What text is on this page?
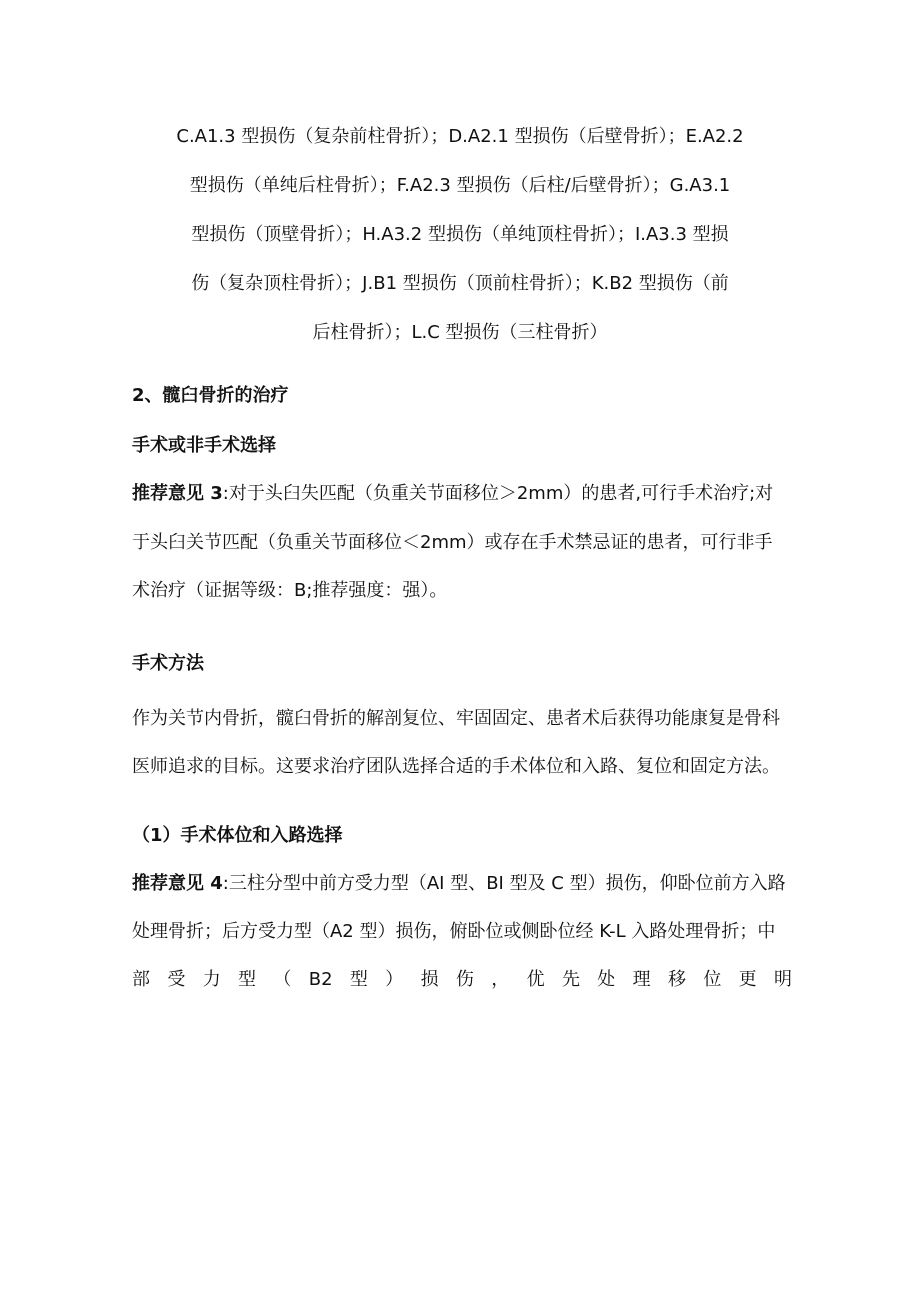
C.A1.3 型损伤（复杂前柱骨折）；D.A2.1 型损伤（后壁骨折）；E.A2.2
型损伤（单纯后柱骨折）；F.A2.3 型损伤（后柱/后壁骨折）；G.A3.1
型损伤（顶壁骨折）；H.A3.2 型损伤（单纯顶柱骨折）；I.A3.3 型损
伤（复杂顶柱骨折）；J.B1 型损伤（顶前柱骨折）；K.B2 型损伤（前
后柱骨折）；L.C 型损伤（三柱骨折）
2、髋臼骨折的治疗
手术或非手术选择
推荐意见 3:对于头臼失匹配（负重关节面移位＞2mm）的患者,可行手术治疗;对
于头臼关节匹配（负重关节面移位＜2mm）或存在手术禁忌证的患者，可行非手
术治疗（证据等级：B;推荐强度：强）。
手术方法
作为关节内骨折，髋臼骨折的解剖复位、牢固固定、患者术后获得功能康复是骨科
医师追求的目标。这要求治疗团队选择合适的手术体位和入路、复位和固定方法。
（1）手术体位和入路选择
推荐意见 4:三柱分型中前方受力型（AI 型、BI 型及 C 型）损伤，仰卧位前方入路
处理骨折；后方受力型（A2 型）损伤，俯卧位或侧卧位经 K-L 入路处理骨折；中
部 受 力 型 （ B2 型 ） 损 伤 ， 优 先 处 理 移 位 更 明
